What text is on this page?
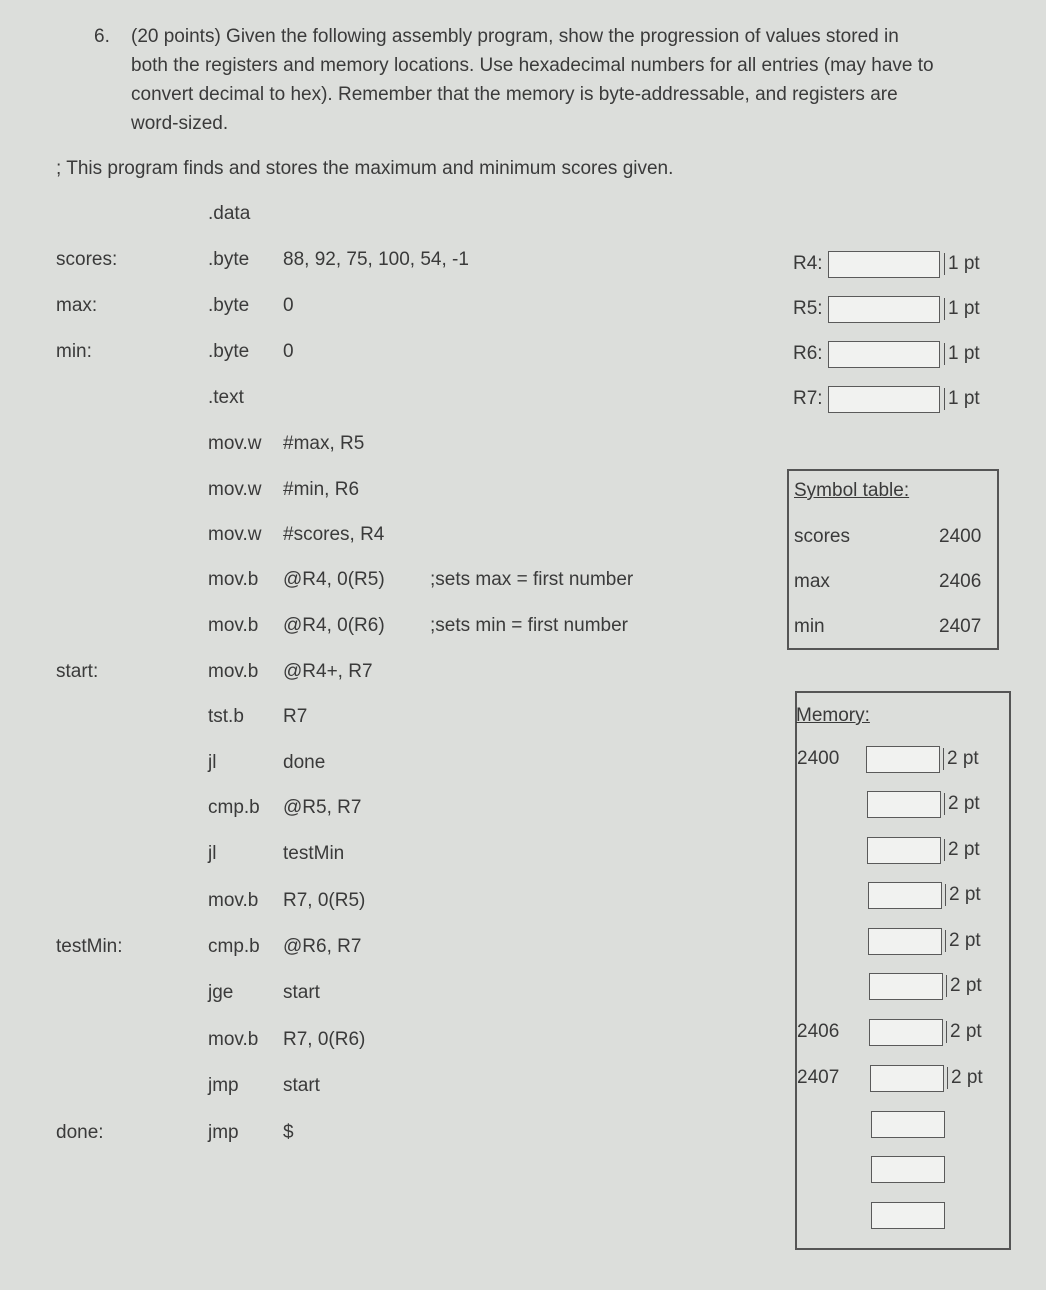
6. (20 points) Given the following assembly program, show the progression of values stored in
both the registers and memory locations. Use hexadecimal numbers for all entries (may have to
convert decimal to hex). Remember that the memory is byte-addressable, and registers are
word-sized.
; This program finds and stores the maximum and minimum scores given.
.data
scores:	.byte 88, 92, 75, 100, 54, -1
max:	.byte 0
min:	.byte 0
.text
mov.w #max, R5
mov.w #min, R6
mov.w #scores, R4
mov.b @R4, 0(R5) ;sets max = first number
mov.b @R4, 0(R6) ;sets min = first number
start:	mov.b @R4+, R7
tst.b R7
jl	done
cmp.b @R5, R7
jl	testMin
mov.b R7, 0(R5)
testMin:	cmp.b @R6, R7
jge	start
mov.b R7, 0(R6)
jmp start
done:	jmp $
R4:	1 pt
R5:	1 pt
R6:	1 pt
R7:	1 pt
Symbol table:
scores	2400
max	2406
min	2407
Memory:
2400	2 pt
2 pt
2 pt
2 pt
2 pt
2 pt
2406	2 pt
2407	2 pt
